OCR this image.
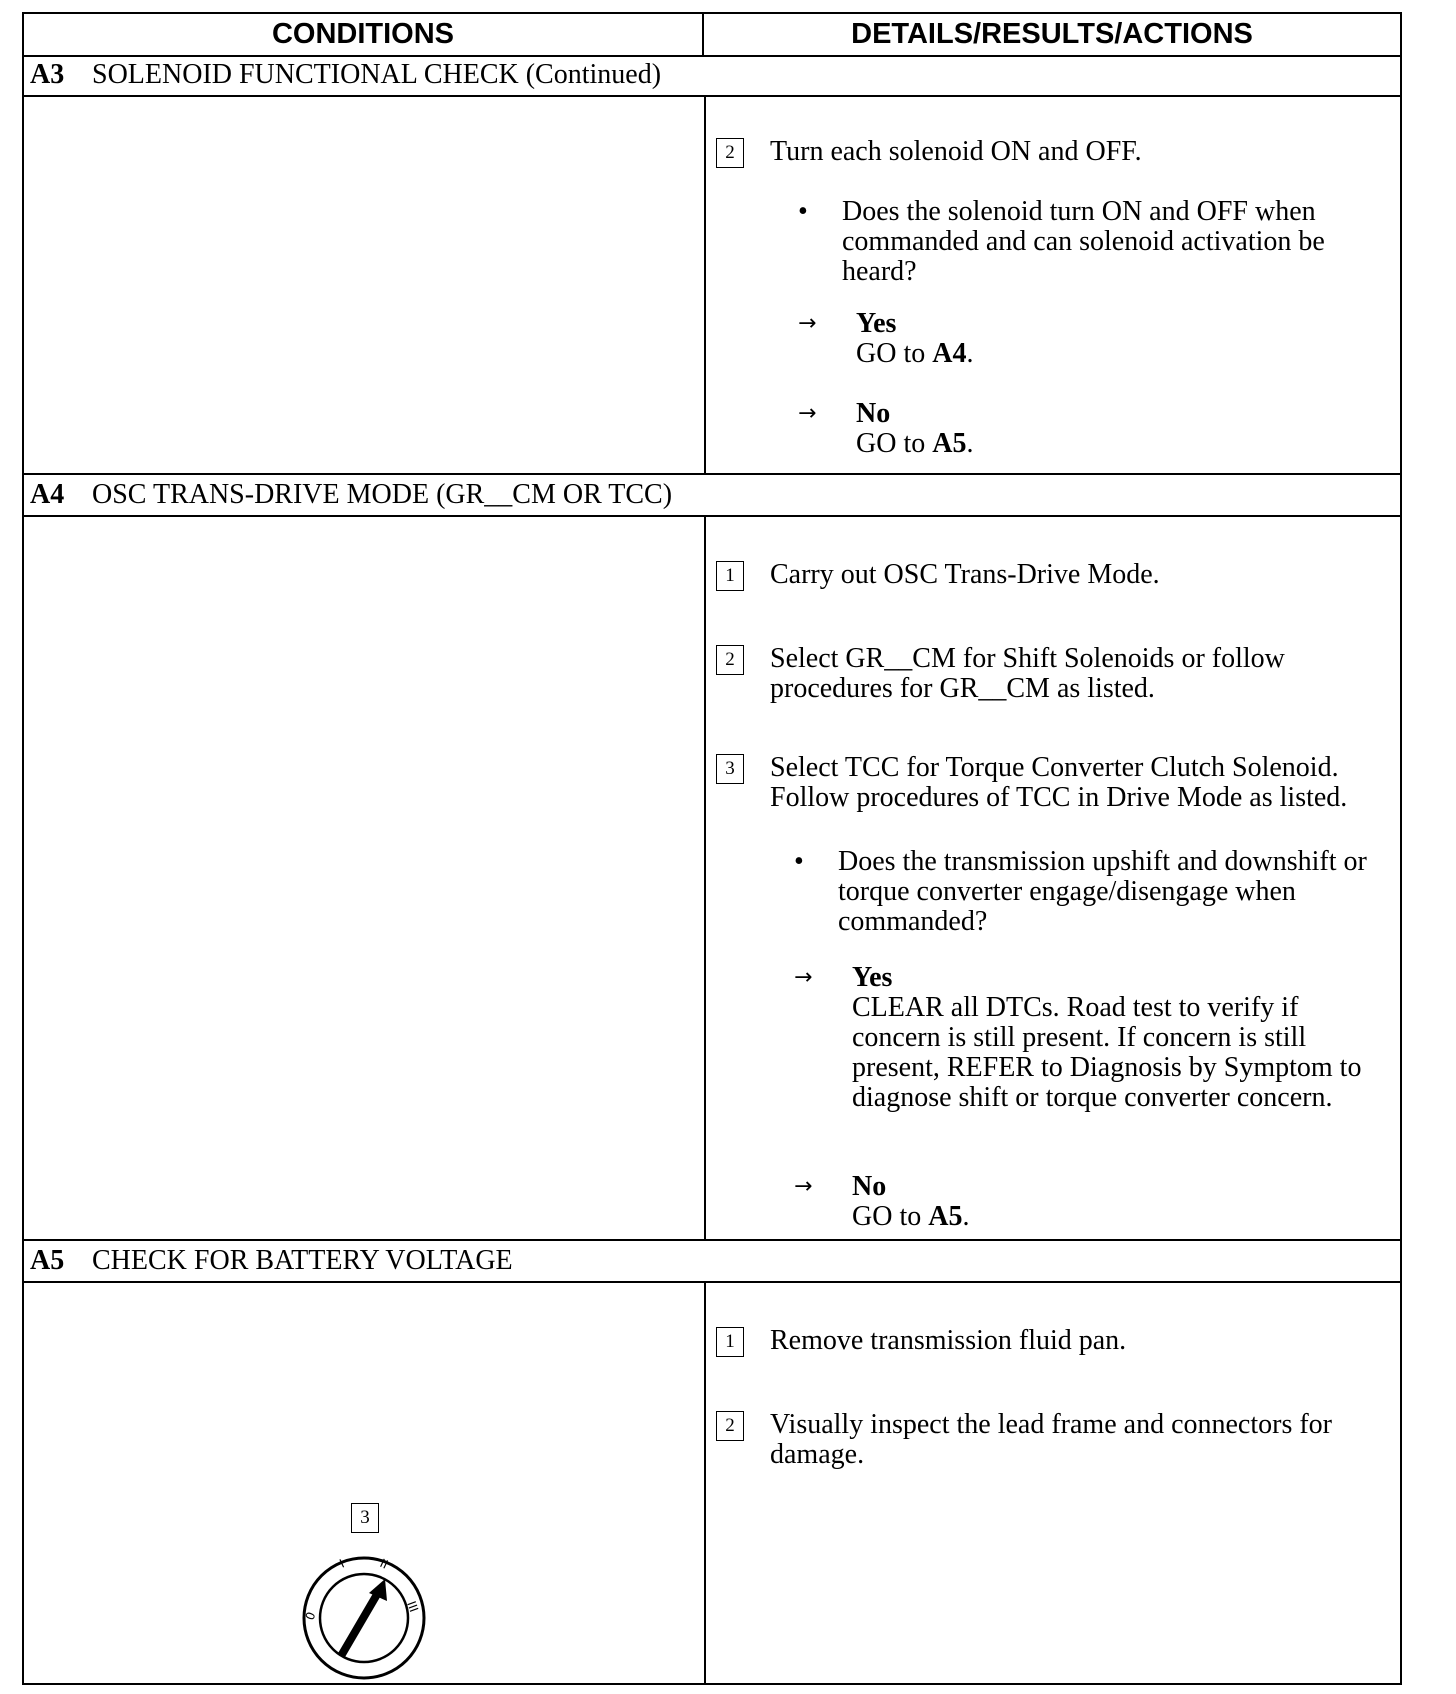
CONDITIONS	DETAILS/RESULTS/ACTIONS
A3 SOLENOID FUNCTIONAL CHECK (Continued)
2	Turn each solenoid ON and OFF.
•	Does the solenoid turn ON and OFF when commanded and can solenoid activation be heard?
→	Yes
GO to A4.
→	No
GO to A5.
A4 OSC TRANS-DRIVE MODE (GR__CM OR TCC)
1	Carry out OSC Trans-Drive Mode.
2	Select GR__CM for Shift Solenoids or follow procedures for GR__CM as listed.
3	Select TCC for Torque Converter Clutch Solenoid. Follow procedures of TCC in Drive Mode as listed.
•	Does the transmission upshift and downshift or torque converter engage/disengage when commanded?
→	Yes
CLEAR all DTCs. Road test to verify if concern is still present. If concern is still present, REFER to Diagnosis by Symptom to diagnose shift or torque converter concern.
→	No
GO to A5.
A5 CHECK FOR BATTERY VOLTAGE
1	Remove transmission fluid pan.
2	Visually inspect the lead frame and connectors for damage.
3
0
I	II
III
